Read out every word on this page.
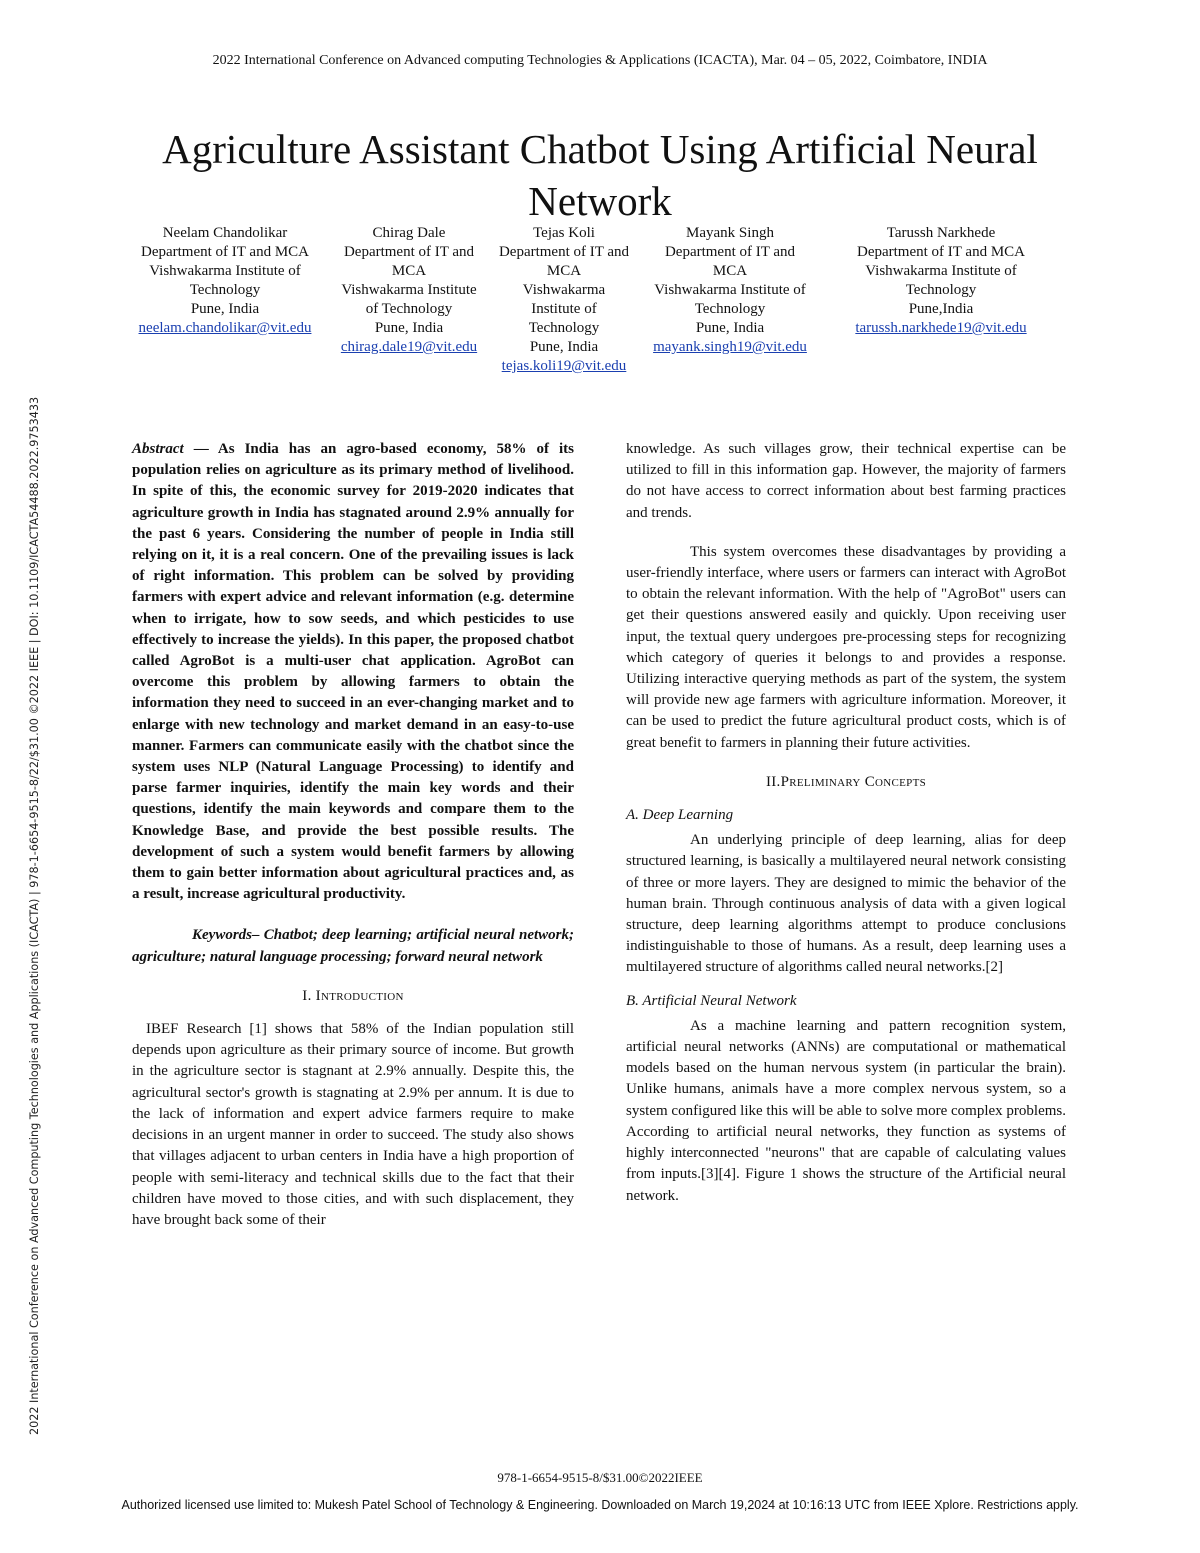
2022 International Conference on Advanced computing Technologies & Applications (ICACTA), Mar. 04 – 05, 2022, Coimbatore, INDIA
Agriculture Assistant Chatbot Using Artificial Neural Network
Neelam Chandolikar
Department of IT and MCA
Vishwakarma Institute of Technology
Pune, India
neelam.chandolikar@vit.edu
Chirag Dale
Department of IT and MCA
Vishwakarma Institute of Technology
Pune, India
chirag.dale19@vit.edu
Tejas Koli
Department of IT and MCA
Vishwakarma Institute of Technology
Pune, India
tejas.koli19@vit.edu
Mayank Singh
Department of IT and MCA
Vishwakarma Institute of Technology
Pune, India
mayank.singh19@vit.edu
Tarussh Narkhede
Department of IT and MCA
Vishwakarma Institute of Technology
Pune,India
tarussh.narkhede19@vit.edu

Abstract — As India has an agro-based economy, 58% of its population relies on agriculture as its primary method of livelihood. In spite of this, the economic survey for 2019-2020 indicates that agriculture growth in India has stagnated around 2.9% annually for the past 6 years. Considering the number of people in India still relying on it, it is a real concern. One of the prevailing issues is lack of right information. This problem can be solved by providing farmers with expert advice and relevant information (e.g. determine when to irrigate, how to sow seeds, and which pesticides to use effectively to increase the yields). In this paper, the proposed chatbot called AgroBot is a multi-user chat application. AgroBot can overcome this problem by allowing farmers to obtain the information they need to succeed in an ever-changing market and to enlarge with new technology and market demand in an easy-to-use manner. Farmers can communicate easily with the chatbot since the system uses NLP (Natural Language Processing) to identify and parse farmer inquiries, identify the main key words and their questions, identify the main keywords and compare them to the Knowledge Base, and provide the best possible results. The development of such a system would benefit farmers by allowing them to gain better information about agricultural practices and, as a result, increase agricultural productivity.

Keywords– Chatbot; deep learning; artificial neural network; agriculture; natural language processing; forward neural network

I. Introduction

IBEF Research [1] shows that 58% of the Indian population still depends upon agriculture as their primary source of income. But growth in the agriculture sector is stagnant at 2.9% annually. Despite this, the agricultural sector's growth is stagnating at 2.9% per annum. It is due to the lack of information and expert advice farmers require to make decisions in an urgent manner in order to succeed. The study also shows that villages adjacent to urban centers in India have a high proportion of people with semi-literacy and technical skills due to the fact that their children have moved to those cities, and with such displacement, they have brought back some of their

knowledge. As such villages grow, their technical expertise can be utilized to fill in this information gap. However, the majority of farmers do not have access to correct information about best farming practices and trends.

This system overcomes these disadvantages by providing a user-friendly interface, where users or farmers can interact with AgroBot to obtain the relevant information. With the help of "AgroBot" users can get their questions answered easily and quickly. Upon receiving user input, the textual query undergoes pre-processing steps for recognizing which category of queries it belongs to and provides a response. Utilizing interactive querying methods as part of the system, the system will provide new age farmers with agriculture information. Moreover, it can be used to predict the future agricultural product costs, which is of great benefit to farmers in planning their future activities.

II.Preliminary Concepts

A. Deep Learning

An underlying principle of deep learning, alias for deep structured learning, is basically a multilayered neural network consisting of three or more layers. They are designed to mimic the behavior of the human brain. Through continuous analysis of data with a given logical structure, deep learning algorithms attempt to produce conclusions indistinguishable to those of humans. As a result, deep learning uses a multilayered structure of algorithms called neural networks.[2]

B. Artificial Neural Network

As a machine learning and pattern recognition system, artificial neural networks (ANNs) are computational or mathematical models based on the human nervous system (in particular the brain). Unlike humans, animals have a more complex nervous system, so a system configured like this will be able to solve more complex problems. According to artificial neural networks, they function as systems of highly interconnected "neurons" that are capable of calculating values from inputs.[3][4]. Figure 1 shows the structure of the Artificial neural network.

2022 International Conference on Advanced Computing Technologies and Applications (ICACTA) | 978-1-6654-9515-8/22/$31.00 ©2022 IEEE | DOI: 10.1109/ICACTA54488.2022.9753433
978-1-6654-9515-8/$31.00©2022IEEE
Authorized licensed use limited to: Mukesh Patel School of Technology & Engineering. Downloaded on March 19,2024 at 10:16:13 UTC from IEEE Xplore. Restrictions apply.
